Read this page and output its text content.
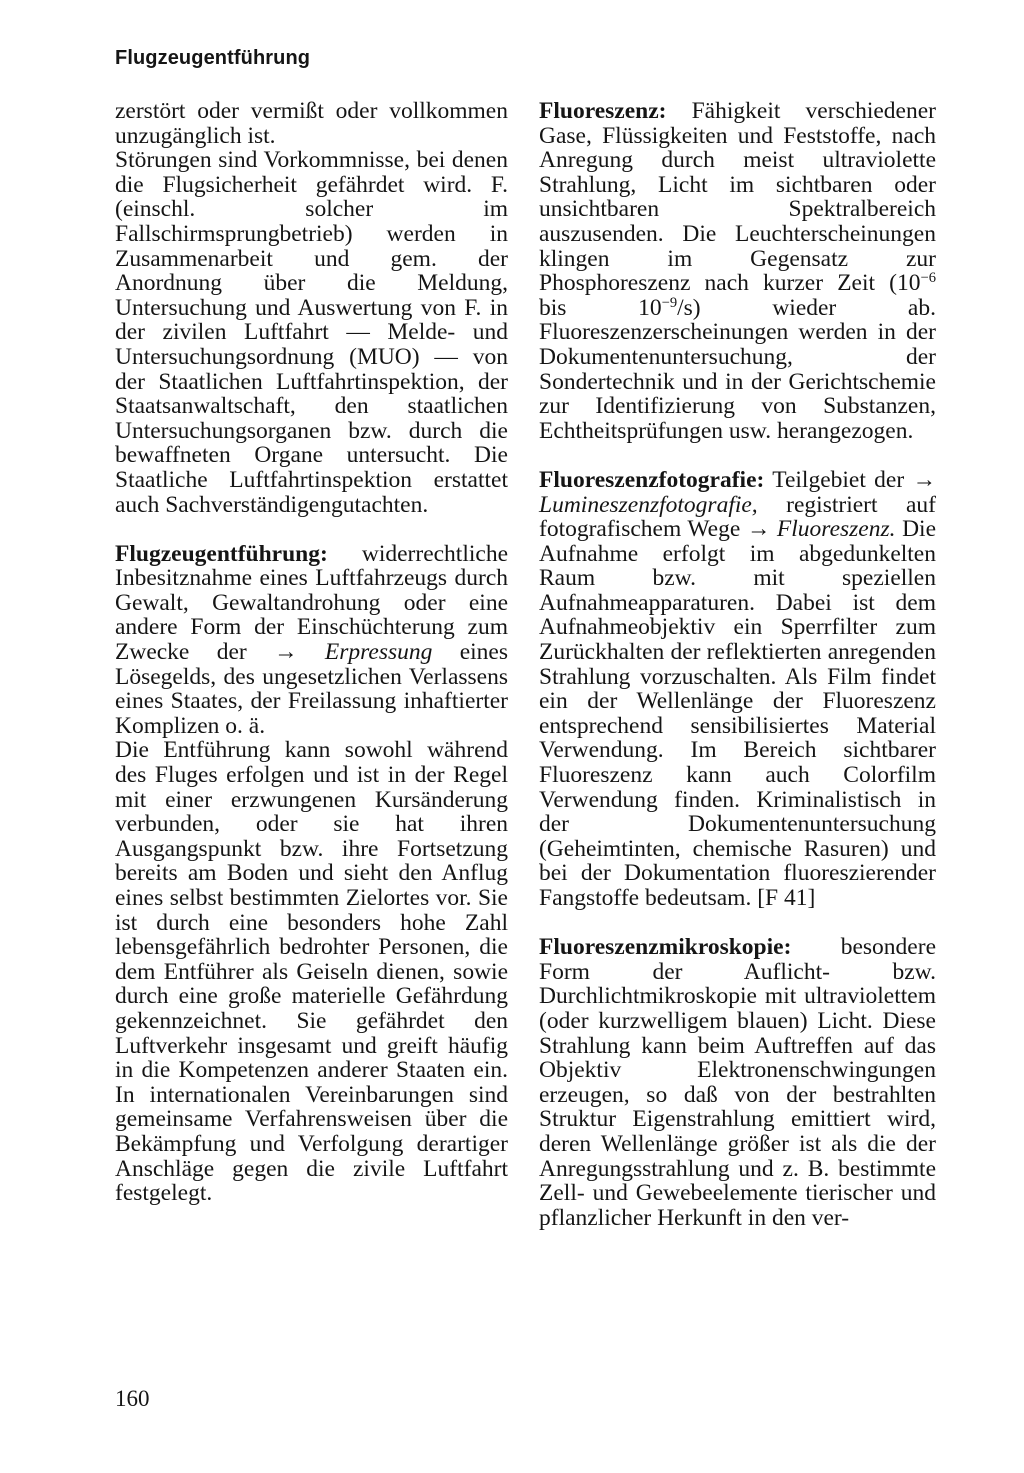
Flugzeugentführung

zerstört oder vermißt oder vollkommen unzugänglich ist.

Störungen sind Vorkommnisse, bei denen die Flugsicherheit gefährdet wird. F. (einschl. solcher im Fallschirmsprungbetrieb) werden in Zusammenarbeit und gem. der Anordnung über die Meldung, Untersuchung und Auswertung von F. in der zivilen Luftfahrt — Melde- und Untersuchungsordnung (MUO) — von der Staatlichen Luftfahrtinspektion, der Staatsanwaltschaft, den staatlichen Untersuchungsorganen bzw. durch die bewaffneten Organe untersucht. Die Staatliche Luftfahrtinspektion erstattet auch Sachverständigengutachten.

Flugzeugentführung: widerrechtliche Inbesitznahme eines Luftfahrzeugs durch Gewalt, Gewaltandrohung oder eine andere Form der Einschüchterung zum Zwecke der → Erpressung eines Lösegelds, des ungesetzlichen Verlassens eines Staates, der Freilassung inhaftierter Komplizen o. ä.

Die Entführung kann sowohl während des Fluges erfolgen und ist in der Regel mit einer erzwungenen Kursänderung verbunden, oder sie hat ihren Ausgangspunkt bzw. ihre Fortsetzung bereits am Boden und sieht den Anflug eines selbst bestimmten Zielortes vor. Sie ist durch eine besonders hohe Zahl lebensgefährlich bedrohter Personen, die dem Entführer als Geiseln dienen, sowie durch eine große materielle Gefährdung gekennzeichnet. Sie gefährdet den Luftverkehr insgesamt und greift häufig in die Kompetenzen anderer Staaten ein. In internationalen Vereinbarungen sind gemeinsame Verfahrensweisen über die Bekämpfung und Verfolgung derartiger Anschläge gegen die zivile Luftfahrt festgelegt.

Fluoreszenz: Fähigkeit verschiedener Gase, Flüssigkeiten und Feststoffe, nach Anregung durch meist ultraviolette Strahlung, Licht im sichtbaren oder unsichtbaren Spektralbereich auszusenden. Die Leuchterscheinungen klingen im Gegensatz zur Phosphoreszenz nach kurzer Zeit ($10^{-6}$ bis $10^{-9}/s$) wieder ab. Fluoreszenzerscheinungen werden in der Dokumentenuntersuchung, der Sondertechnik und in der Gerichtschemie zur Identifizierung von Substanzen, Echtheitsprüfungen usw. herangezogen.

Fluoreszenzfotografie: Teilgebiet der → Lumineszenzfotografie, registriert auf fotografischem Wege → Fluoreszenz. Die Aufnahme erfolgt im abgedunkelten Raum bzw. mit speziellen Aufnahmeapparaturen. Dabei ist dem Aufnahmeobjektiv ein Sperrfilter zum Zurückhalten der reflektierten anregenden Strahlung vorzuschalten. Als Film findet ein der Wellenlänge der Fluoreszenz entsprechend sensibilisiertes Material Verwendung. Im Bereich sichtbarer Fluoreszenz kann auch Colorfilm Verwendung finden. Kriminalistisch in der Dokumentenuntersuchung (Geheimtinten, chemische Rasuren) und bei der Dokumentation fluoreszierender Fangstoffe bedeutsam. [F 41]

Fluoreszenzmikroskopie: besondere Form der Auflicht- bzw. Durchlichtmikroskopie mit ultraviolettem (oder kurzwelligem blauen) Licht. Diese Strahlung kann beim Auftreffen auf das Objektiv Elektronenschwingungen erzeugen, so daß von der bestrahlten Struktur Eigenstrahlung emittiert wird, deren Wellenlänge größer ist als die der Anregungsstrahlung und z. B. bestimmte Zell- und Gewebeelemente tierischer und pflanzlicher Herkunft in den ver-

160
